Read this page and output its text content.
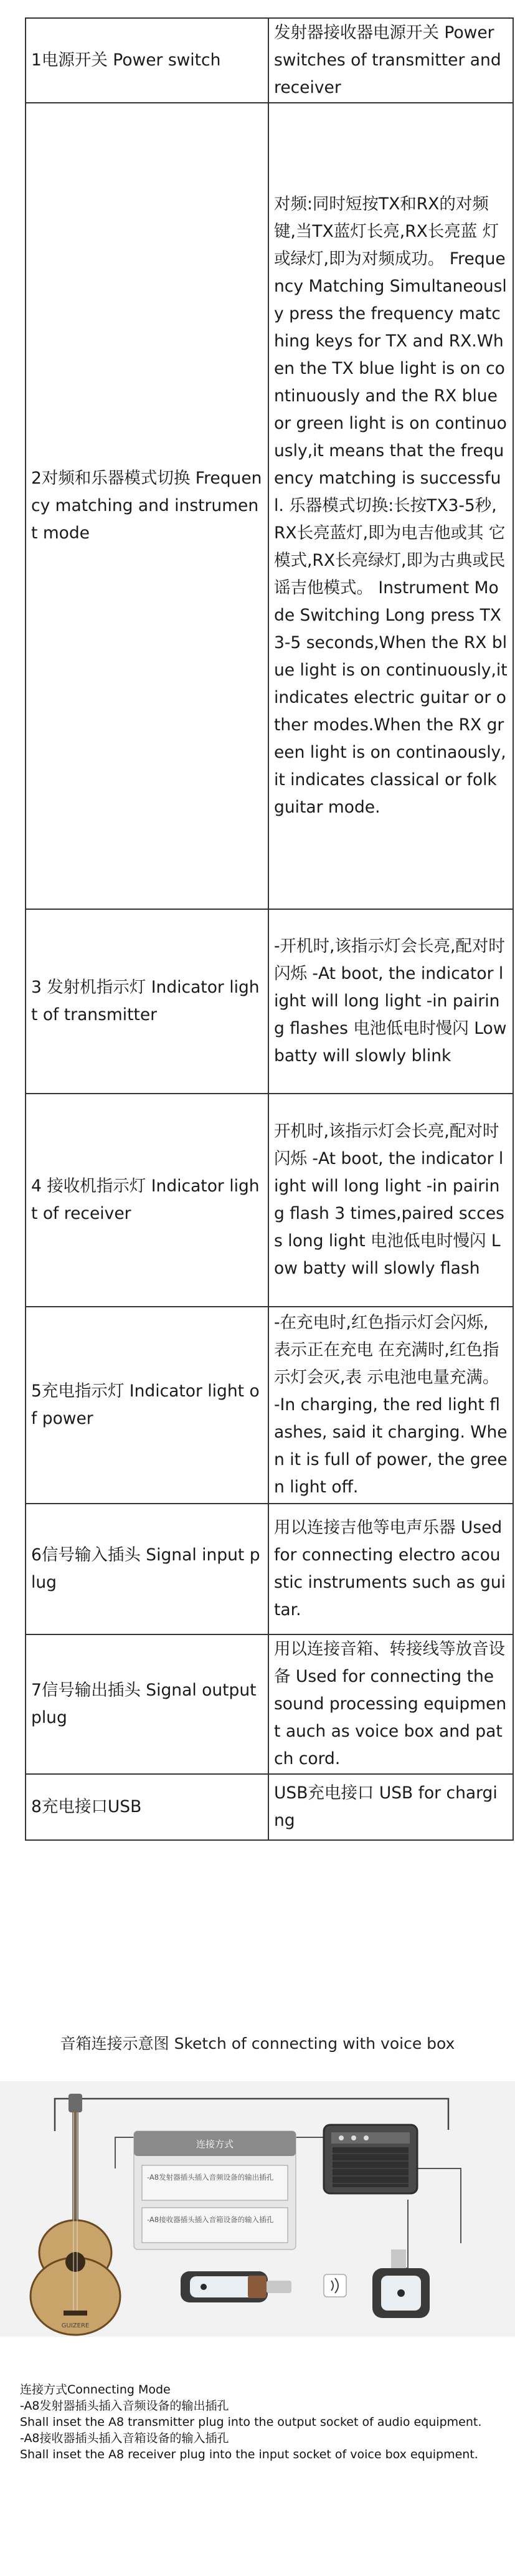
1电源开关 Power switch	发射器接收器电源开关 Power switches of transmitter and receiver
2对频和乐器模式切换 Frequency matching and instrument mode	对频:同时短按TX和RX的对频键,当TX蓝灯长亮,RX长亮蓝 灯或绿灯,即为对频成功。 Frequency Matching Simultaneously press the frequency matching keys for TX and RX.When the TX blue light is on continuously and the RX blue or green light is on continuously,it means that the frequency matching is successful. 乐器模式切换:长按TX3-5秒,RX长亮蓝灯,即为电吉他或其 它模式,RX长亮绿灯,即为古典或民谣吉他模式。 Instrument Mode Switching Long press TX3-5 seconds,When the RX blue light is on continuously,it indicates electric guitar or other modes.When the RX green light is on continaously, it indicates classical or folk guitar mode.
3 发射机指示灯 Indicator light of transmitter	-开机时,该指示灯会长亮,配对时闪烁 -At boot, the indicator light will long light -in pairing flashes 电池低电时慢闪 Low batty will slowly blink
4 接收机指示灯 Indicator light of receiver	开机时,该指示灯会长亮,配对时闪烁 -At boot, the indicator light will long light -in pairing flash 3 times,paired sccess long light 电池低电时慢闪 Low batty will slowly flash
5充电指示灯 Indicator light of power	-在充电时,红色指示灯会闪烁, 表示正在充电 在充满时,红色指示灯会灭,表 示电池电量充满。 -In charging, the red light flashes, said it charging. When it is full of power, the green light off.
6信号输入插头 Signal input plug	用以连接吉他等电声乐器 Used for connecting electro acoustic instruments such as guitar.
7信号输出插头 Signal output plug	用以连接音箱、转接线等放音设 备 Used for connecting the sound processing equipment auch as voice box and patch cord.
8充电接口USB	USB充电接口 USB for charging
音箱连接示意图 Sketch of connecting with voice box
GUIZERE
连接方式
-A8发射器插头插入音频设备的输出插孔
-A8接收器插头插入音箱设备的输入插孔

连接方式Connecting Mode

-A8发射器插头插入音频设备的输出插孔

Shall inset the A8 transmitter plug into the output socket of audio equipment.

-A8接收器插头插入音箱设备的输入插孔

Shall inset the A8 receiver plug into the input socket of voice box equipment.
